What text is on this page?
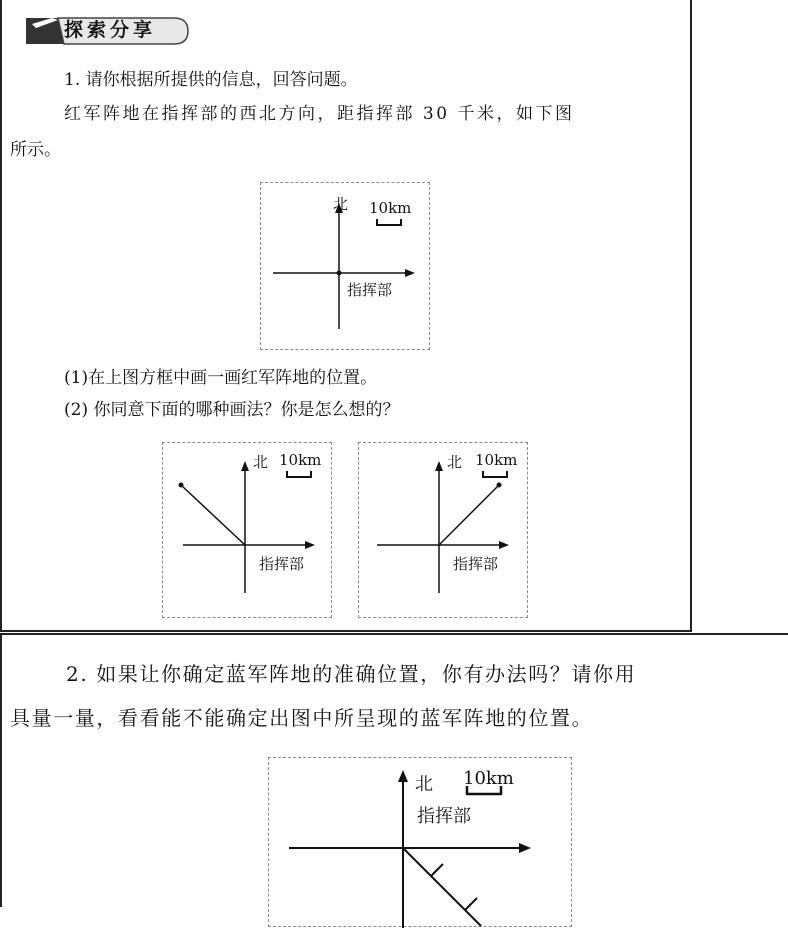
探索分享
1. 请你根据所提供的信息，回答问题。
红军阵地在指挥部的西北方向，距指挥部 30 千米，如下图
所示。
北 10km
指挥部
(1)在上图方框中画一画红军阵地的位置。
(2) 你同意下面的哪种画法？你是怎么想的？
北 10km
指挥部
北 10km
指挥部
2. 如果让你确定蓝军阵地的准确位置，你有办法吗？请你用
具量一量，看看能不能确定出图中所呈现的蓝军阵地的位置。
北 10km
指挥部
